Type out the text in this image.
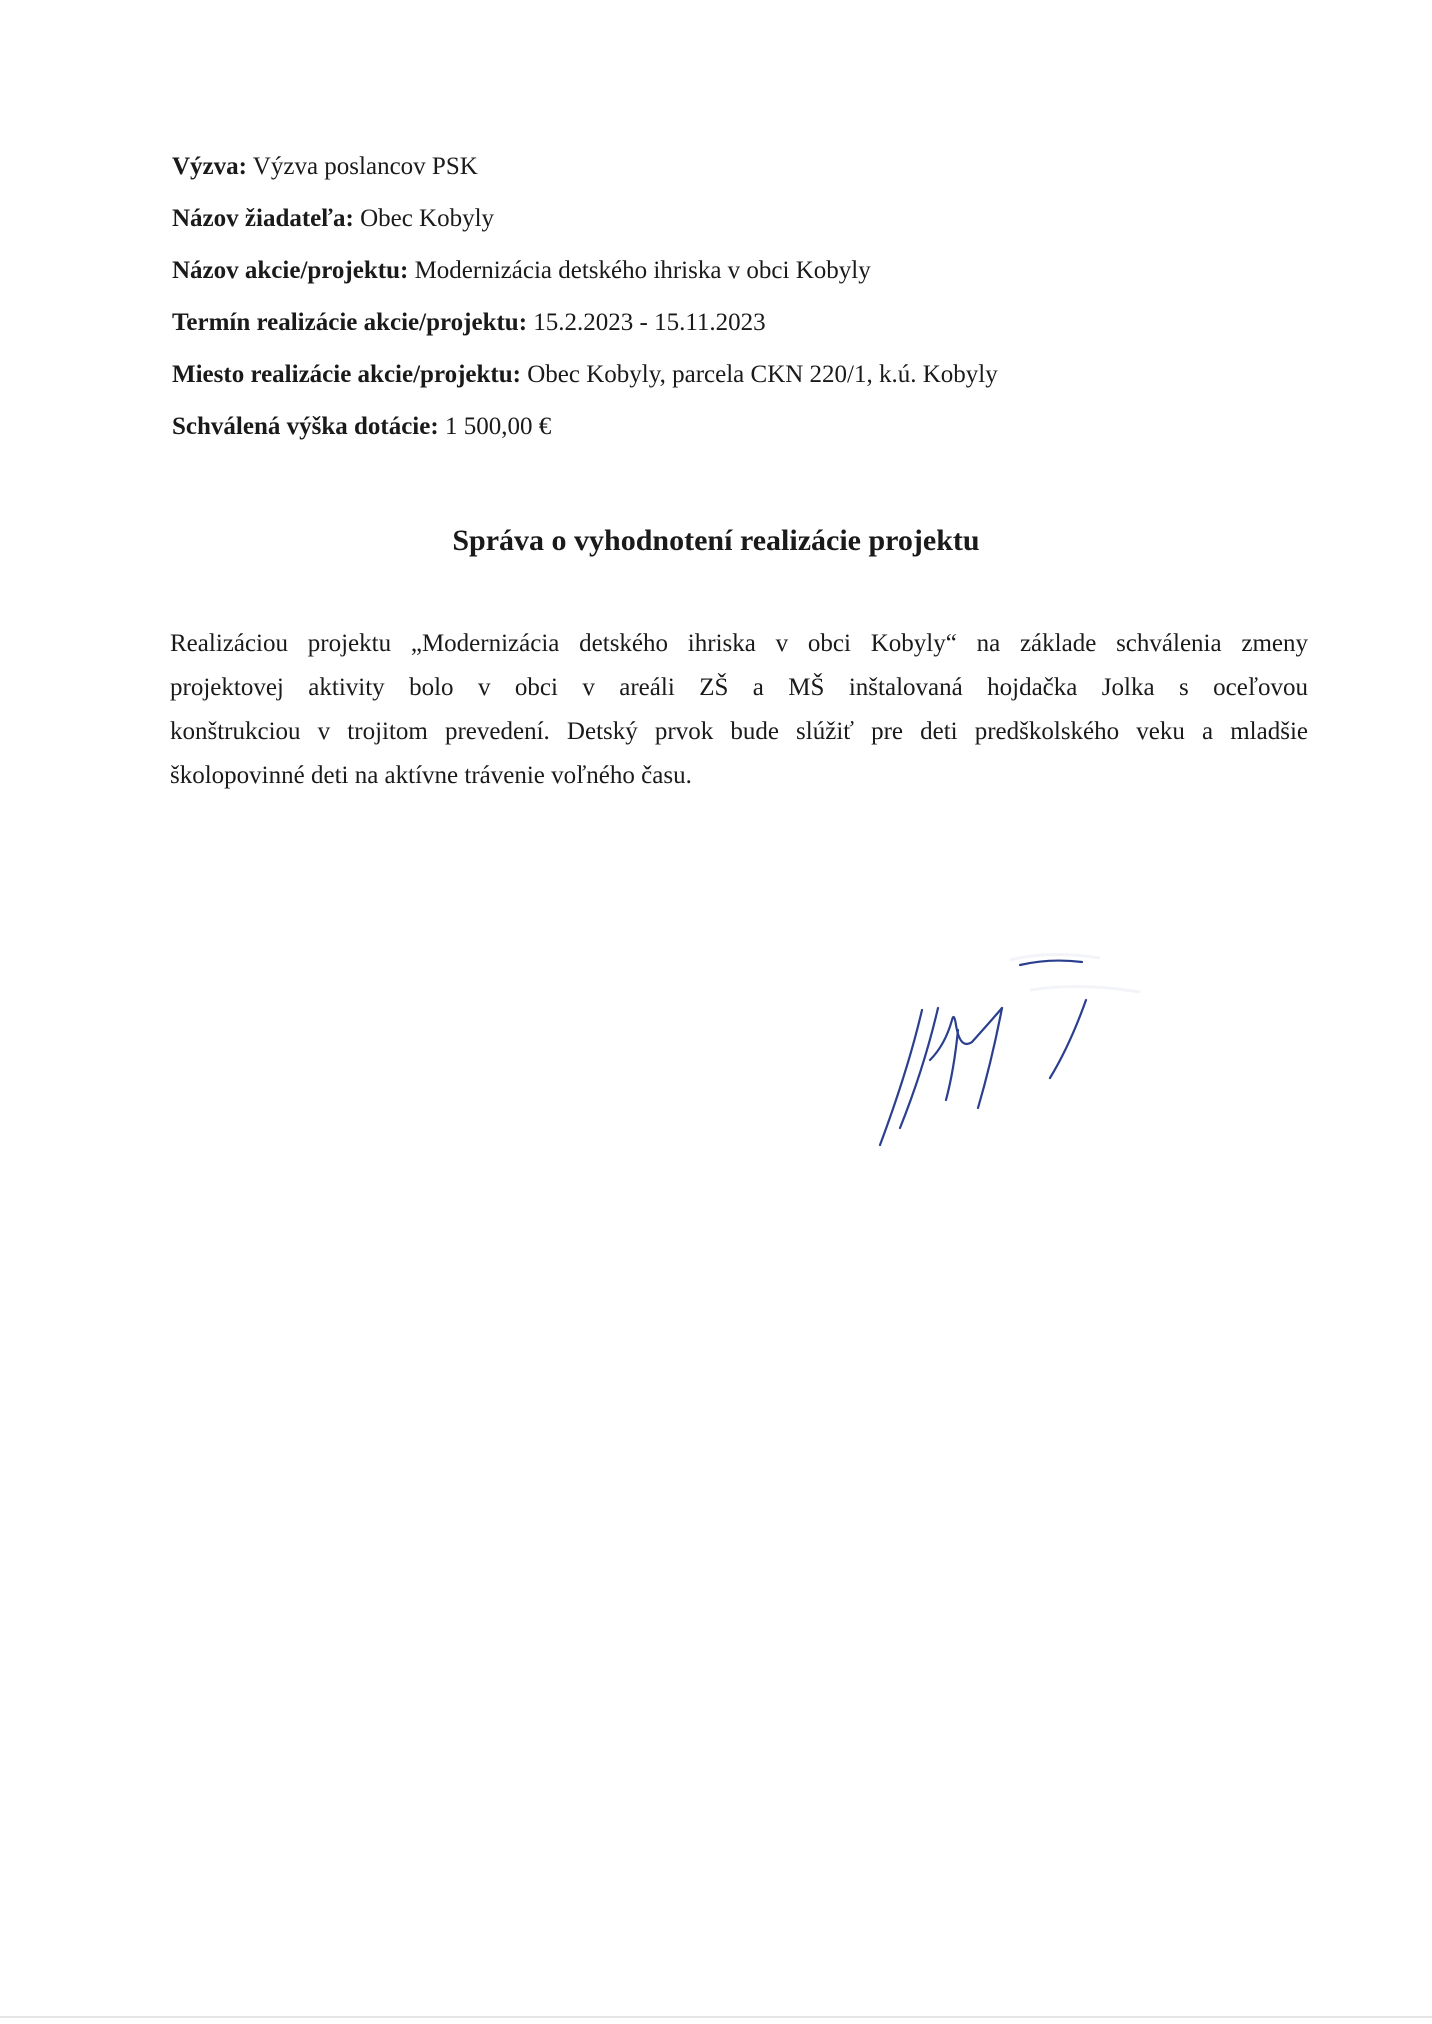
Výzva: Výzva poslancov PSK
Názov žiadateľa: Obec Kobyly
Názov akcie/projektu: Modernizácia detského ihriska v obci Kobyly
Termín realizácie akcie/projektu: 15.2.2023 - 15.11.2023
Miesto realizácie akcie/projektu: Obec Kobyly, parcela CKN 220/1, k.ú. Kobyly
Schválená výška dotácie: 1 500,00 €
Správa o vyhodnotení realizácie projektu
Realizáciou projektu „Modernizácia detského ihriska v obci Kobyly“ na základe schválenia zmeny
projektovej aktivity bolo v obci v areáli ZŠ a MŠ inštalovaná hojdačka Jolka s oceľovou
konštrukciou v trojitom prevedení. Detský prvok bude slúžiť pre deti predškolského veku a mladšie
školopovinné deti na aktívne trávenie voľného času.
